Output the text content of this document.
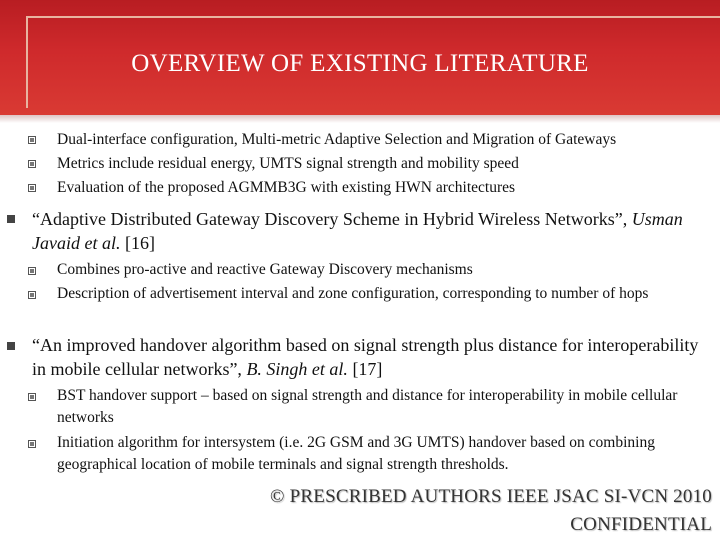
OVERVIEW OF EXISTING LITERATURE
Dual-interface configuration, Multi-metric Adaptive Selection and Migration of Gateways
Metrics include residual energy, UMTS signal strength and mobility speed
Evaluation of the proposed AGMMB3G with existing HWN architectures
“Adaptive Distributed Gateway Discovery Scheme in Hybrid Wireless Networks”, Usman Javaid et al. [16]
Combines pro-active and reactive Gateway Discovery mechanisms
Description of advertisement interval and zone configuration, corresponding to number of hops
“An improved handover algorithm based on signal strength plus distance for interoperability in mobile cellular networks”, B. Singh et al. [17]
BST handover support – based on signal strength and distance for interoperability in mobile cellular networks
Initiation algorithm for intersystem (i.e. 2G GSM and 3G UMTS) handover based on combining geographical location of mobile terminals and signal strength thresholds.
© PRESCRIBED AUTHORS IEEE JSAC SI-VCN 2010
CONFIDENTIAL
